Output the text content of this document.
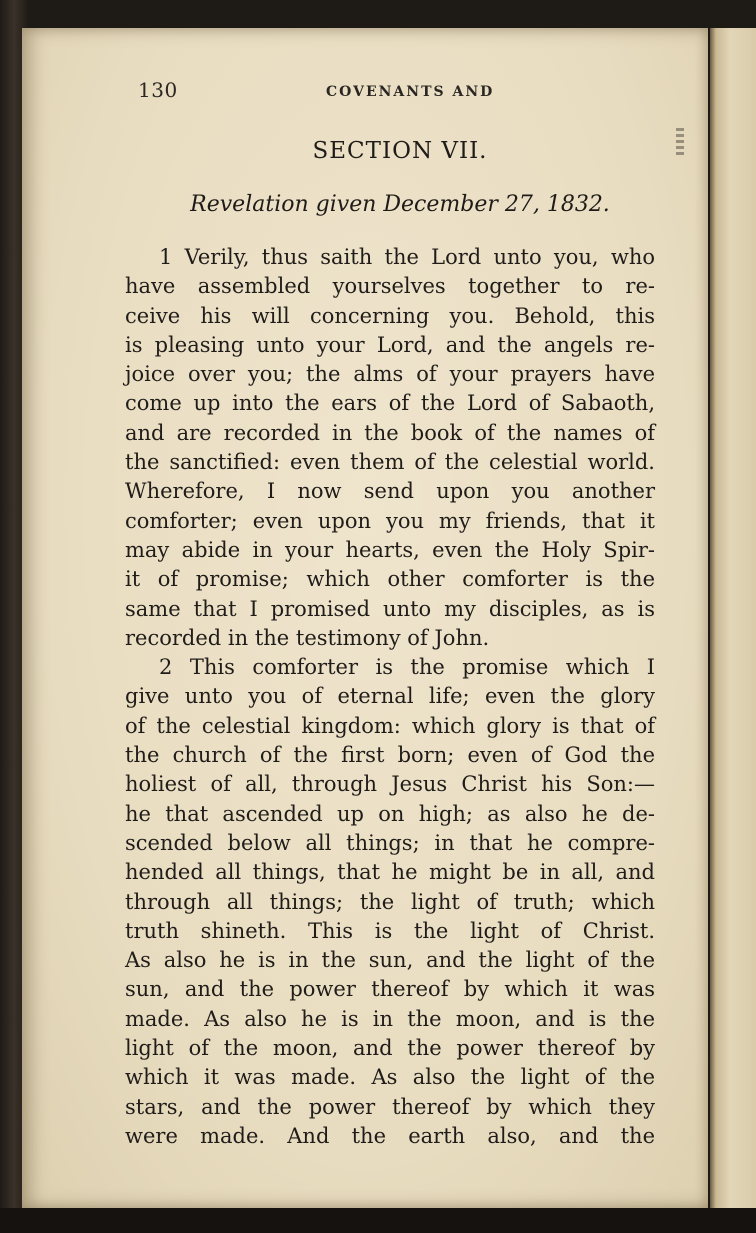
130	COVENANTS AND
SECTION VII.
Revelation given December 27, 1832.
1 Verily, thus saith the Lord unto you, who
have assembled yourselves together to re-
ceive his will concerning you. Behold, this
is pleasing unto your Lord, and the angels re-
joice over you; the alms of your prayers have
come up into the ears of the Lord of Sabaoth,
and are recorded in the book of the names of
the sanctified: even them of the celestial world.
Wherefore, I now send upon you another
comforter; even upon you my friends, that it
may abide in your hearts, even the Holy Spir-
it of promise; which other comforter is the
same that I promised unto my disciples, as is
recorded in the testimony of John.
2 This comforter is the promise which I
give unto you of eternal life; even the glory
of the celestial kingdom: which glory is that of
the church of the first born; even of God the
holiest of all, through Jesus Christ his Son:—
he that ascended up on high; as also he de-
scended below all things; in that he compre-
hended all things, that he might be in all, and
through all things; the light of truth; which
truth shineth. This is the light of Christ.
As also he is in the sun, and the light of the
sun, and the power thereof by which it was
made. As also he is in the moon, and is the
light of the moon, and the power thereof by
which it was made. As also the light of the
stars, and the power thereof by which they
were made. And the earth also, and the
